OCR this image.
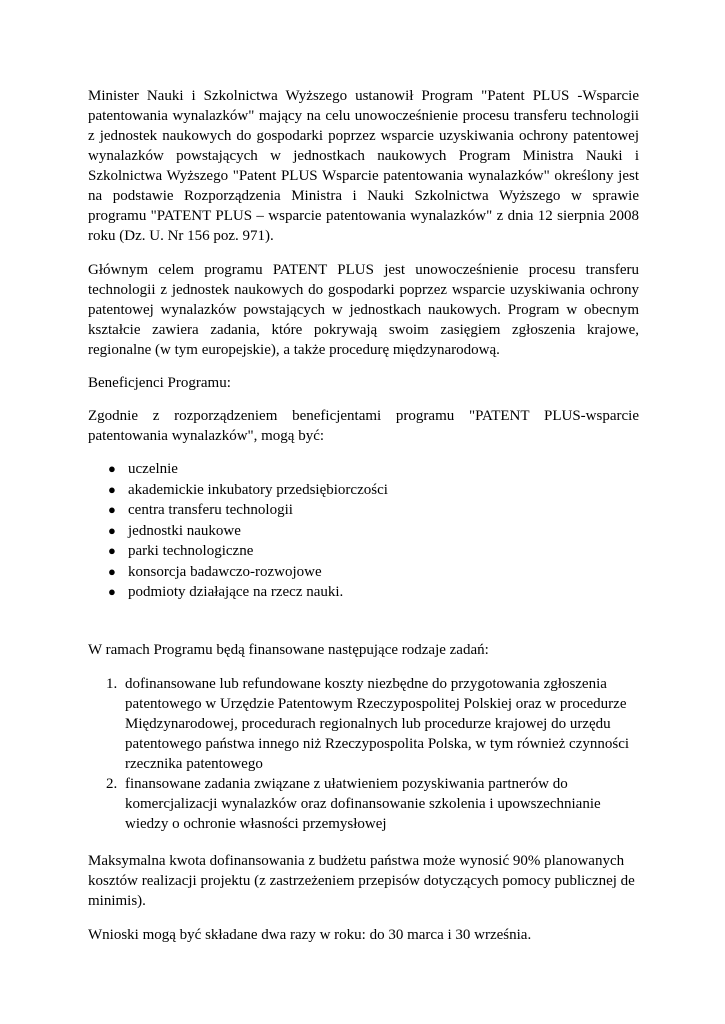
Minister Nauki i Szkolnictwa Wyższego ustanowił Program "Patent PLUS -Wsparcie patentowania wynalazków" mający na celu unowocześnienie procesu transferu technologii z jednostek naukowych do gospodarki poprzez wsparcie uzyskiwania ochrony patentowej wynalazków powstających w jednostkach naukowych Program Ministra Nauki i Szkolnictwa Wyższego "Patent PLUS Wsparcie patentowania wynalazków" określony jest na podstawie Rozporządzenia Ministra i Nauki Szkolnictwa Wyższego w sprawie programu "PATENT PLUS – wsparcie patentowania wynalazków" z dnia 12 sierpnia 2008 roku (Dz. U. Nr 156 poz. 971).

Głównym celem programu PATENT PLUS jest unowocześnienie procesu transferu technologii z jednostek naukowych do gospodarki poprzez wsparcie uzyskiwania ochrony patentowej wynalazków powstających w jednostkach naukowych. Program w obecnym kształcie zawiera zadania, które pokrywają swoim zasięgiem zgłoszenia krajowe, regionalne (w tym europejskie), a także procedurę międzynarodową.

Beneficjenci Programu:

Zgodnie z rozporządzeniem beneficjentami programu "PATENT PLUS-wsparcie patentowania wynalazków", mogą być:

● uczelnie
● akademickie inkubatory przedsiębiorczości
● centra transferu technologii
● jednostki naukowe
● parki technologiczne
● konsorcja badawczo-rozwojowe
● podmioty działające na rzecz nauki.

W ramach Programu będą finansowane następujące rodzaje zadań:

1. dofinansowane lub refundowane koszty niezbędne do przygotowania zgłoszenia patentowego w Urzędzie Patentowym Rzeczypospolitej Polskiej oraz w procedurze Międzynarodowej, procedurach regionalnych lub procedurze krajowej do urzędu patentowego państwa innego niż Rzeczypospolita Polska, w tym również czynności rzecznika patentowego
2. finansowane zadania związane z ułatwieniem pozyskiwania partnerów do komercjalizacji wynalazków oraz dofinansowanie szkolenia i upowszechnianie wiedzy o ochronie własności przemysłowej

Maksymalna kwota dofinansowania z budżetu państwa może wynosić 90% planowanych kosztów realizacji projektu (z zastrzeżeniem przepisów dotyczących pomocy publicznej de minimis).

Wnioski mogą być składane dwa razy w roku: do 30 marca i 30 września.
